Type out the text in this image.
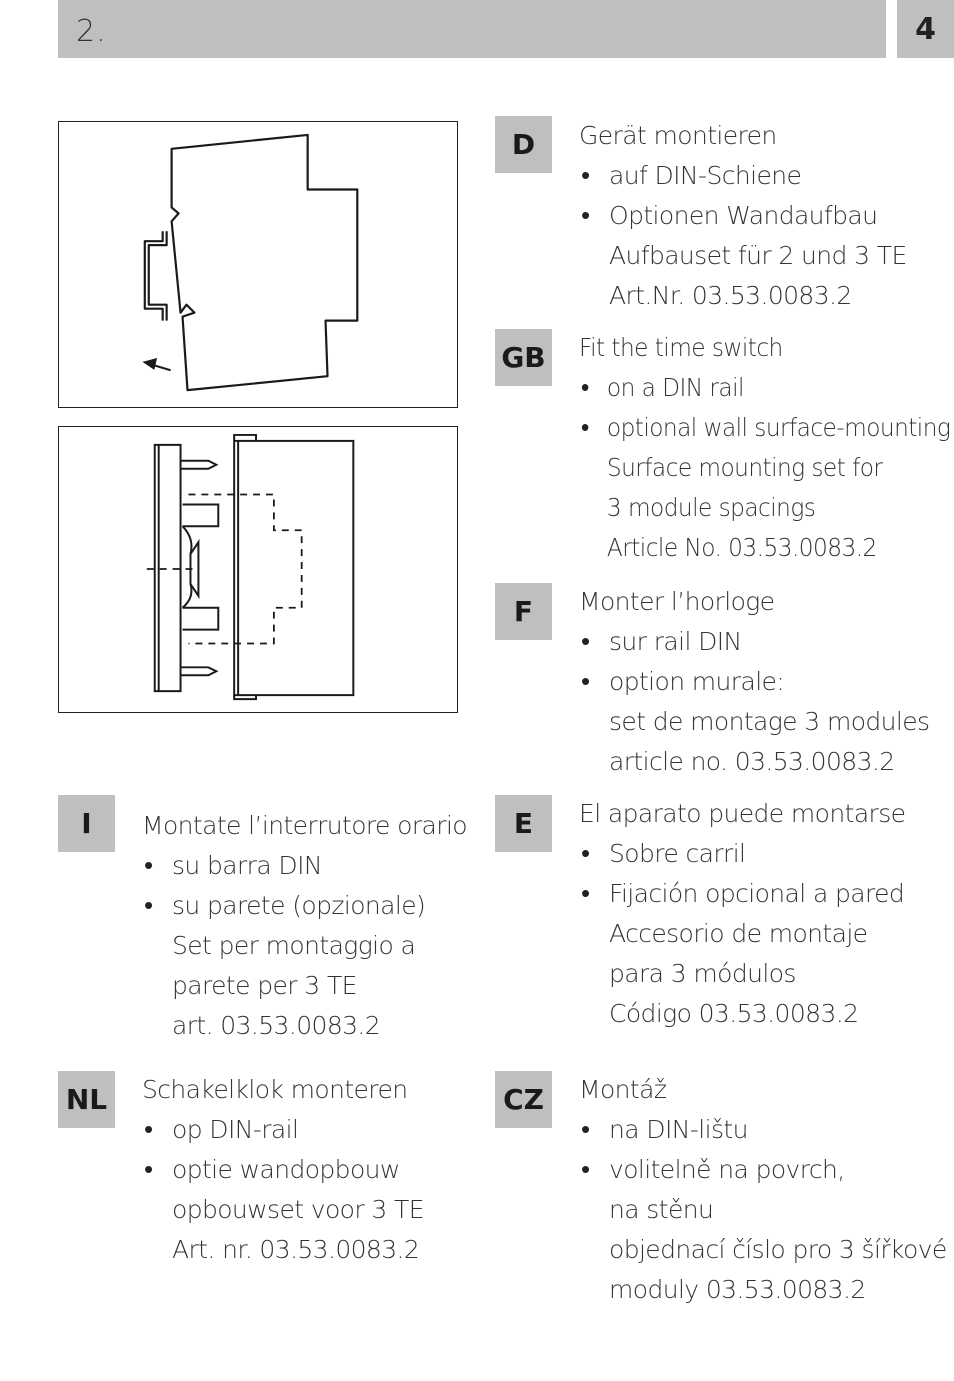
2.	4
D	Gerät montieren
• auf DIN-Schiene
• Optionen Wandaufbau
Aufbauset für 2 und 3 TE
Art.Nr. 03.53.0083.2
GB Fit the time switch
• on a DIN rail
• optional wall surface-mounting
Surface mounting set for
3 module spacings
Article No. 03.53.0083.2
F	Monter l’horloge
• sur rail DIN
• option murale:
set de montage 3 modules
article no. 03.53.0083.2
I	Montate l’interrutore orario
• su barra DIN
• su parete (opzionale)
Set per montaggio a
parete per 3 TE
art. 03.53.0083.2
E	El aparato puede montarse
• Sobre carril
• Fijación opcional a pared
Accesorio de montaje
para 3 módulos
Código 03.53.0083.2
NL	Schakelklok monteren
• op DIN-rail
• optie wandopbouw
opbouwset voor 3 TE
Art. nr. 03.53.0083.2
CZ	Montáž
• na DIN-lištu
• volitelně na povrch,
na stěnu
objednací číslo pro 3 šířkové
moduly 03.53.0083.2
